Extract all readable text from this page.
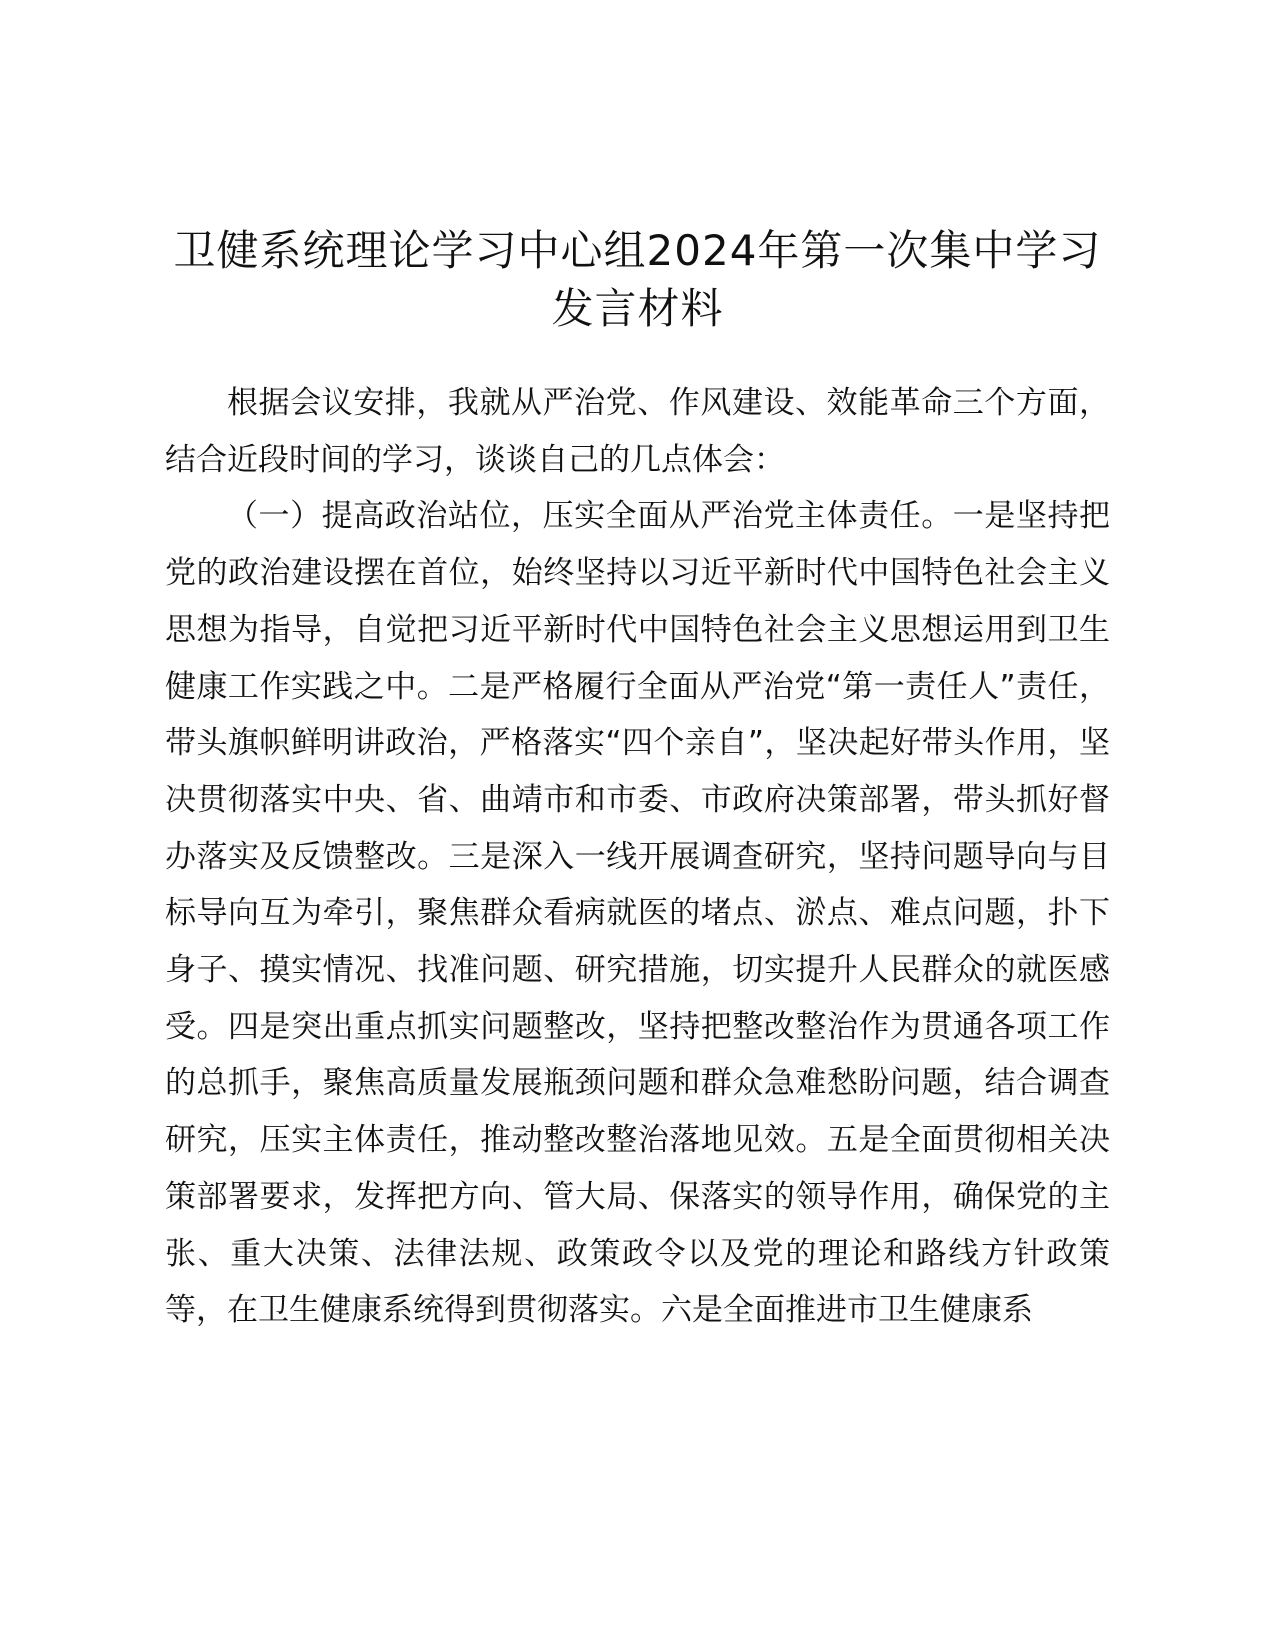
卫健系统理论学习中心组2024年第一次集中学习发言材料

根据会议安排，我就从严治党、作风建设、效能革命三个方面，结合近段时间的学习，谈谈自己的几点体会：

（一）提高政治站位，压实全面从严治党主体责任。一是坚持把党的政治建设摆在首位，始终坚持以习近平新时代中国特色社会主义思想为指导，自觉把习近平新时代中国特色社会主义思想运用到卫生健康工作实践之中。二是严格履行全面从严治党“第一责任人”责任，带头旗帜鲜明讲政治，严格落实“四个亲自”，坚决起好带头作用，坚决贯彻落实中央、省、曲靖市和市委、市政府决策部署，带头抓好督办落实及反馈整改。三是深入一线开展调查研究，坚持问题导向与目标导向互为牵引，聚焦群众看病就医的堵点、淤点、难点问题，扑下身子、摸实情况、找准问题、研究措施，切实提升人民群众的就医感受。四是突出重点抓实问题整改，坚持把整改整治作为贯通各项工作的总抓手，聚焦高质量发展瓶颈问题和群众急难愁盼问题，结合调查研究，压实主体责任，推动整改整治落地见效。五是全面贯彻相关决策部署要求，发挥把方向、管大局、保落实的领导作用，确保党的主张、重大决策、法律法规、政策政令以及党的理论和路线方针政策等，在卫生健康系统得到贯彻落实。六是全面推进市卫生健康系
